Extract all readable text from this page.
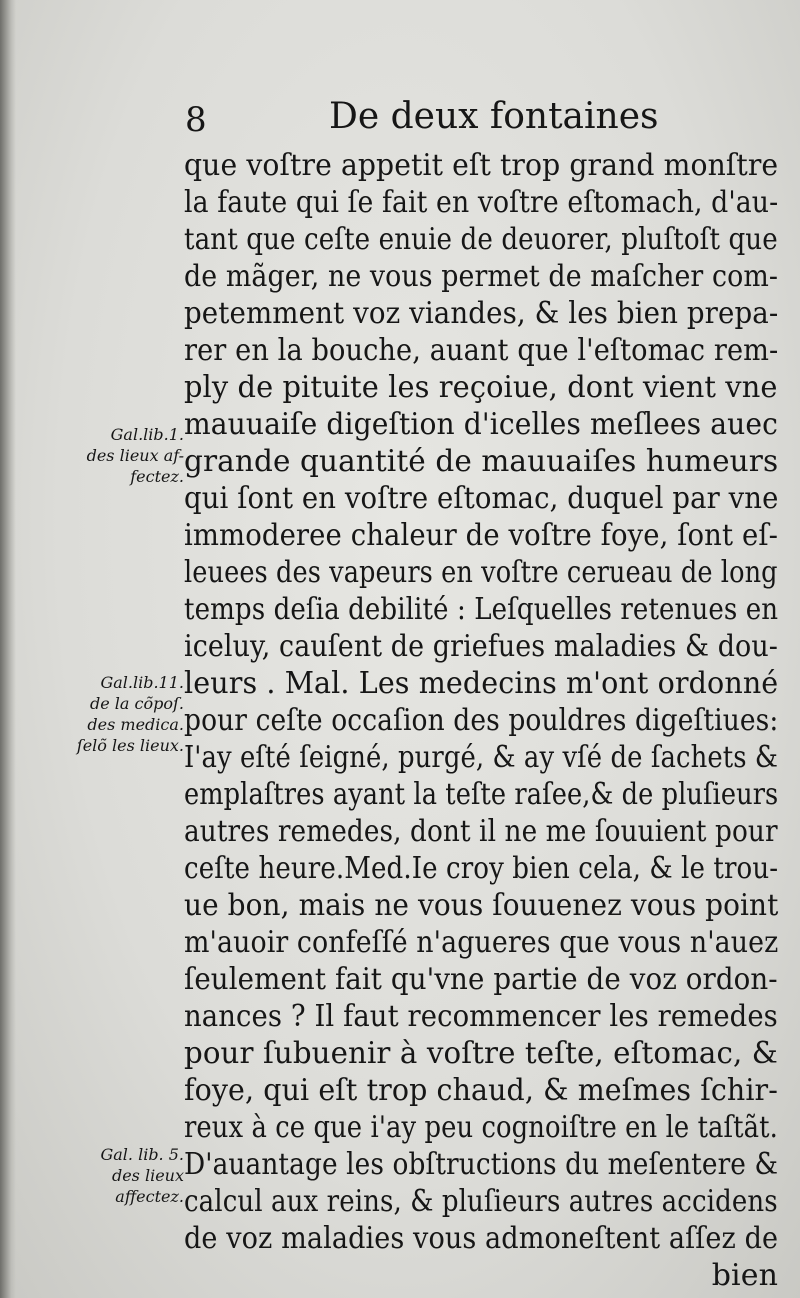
8	De deux fontaines
Gal.lib.1.
des lieux af-
fectez.
Gal.lib.11.
de la cõpoſ.
des medica.
ſelõ les lieux.
Gal. lib. 5.
des lieux
affectez.
que voſtre appetit eſt trop grand monſtre
la faute qui ſe fait en voſtre eſtomach, d'au-
tant que ceſte enuie de deuorer, pluſtoſt que
de mãger, ne vous permet de maſcher com-
petemment voz viandes, & les bien prepa-
rer en la bouche, auant que l'eſtomac rem-
ply de pituite les reçoiue, dont vient vne
mauuaiſe digeſtion d'icelles meſlees auec
grande quantité de mauuaiſes humeurs
qui ſont en voſtre eſtomac, duquel par vne
immoderee chaleur de voſtre foye, ſont eſ-
leuees des vapeurs en voſtre cerueau de long
temps deſia debilité : Leſquelles retenues en
iceluy, cauſent de griefues maladies & dou-
leurs . Mal. Les medecins m'ont ordonné
pour ceſte occaſion des pouldres digeſtiues:
I'ay eſté ſeigné, purgé, & ay vſé de ſachets &
emplaſtres ayant la teſte raſee,& de pluſieurs
autres remedes, dont il ne me ſouuient pour
ceſte heure.Med.Ie croy bien cela, & le trou-
ue bon, mais ne vous ſouuenez vous point
m'auoir confeſſé n'agueres que vous n'auez
ſeulement fait qu'vne partie de voz ordon-
nances ? Il faut recommencer les remedes
pour ſubuenir à voſtre teſte, eſtomac, &
foye, qui eſt trop chaud, & meſmes ſchir-
reux à ce que i'ay peu cognoiſtre en le taſtãt.
D'auantage les obſtructions du meſentere &
calcul aux reins, & pluſieurs autres accidens
de voz maladies vous admoneſtent aſſez de
bien
